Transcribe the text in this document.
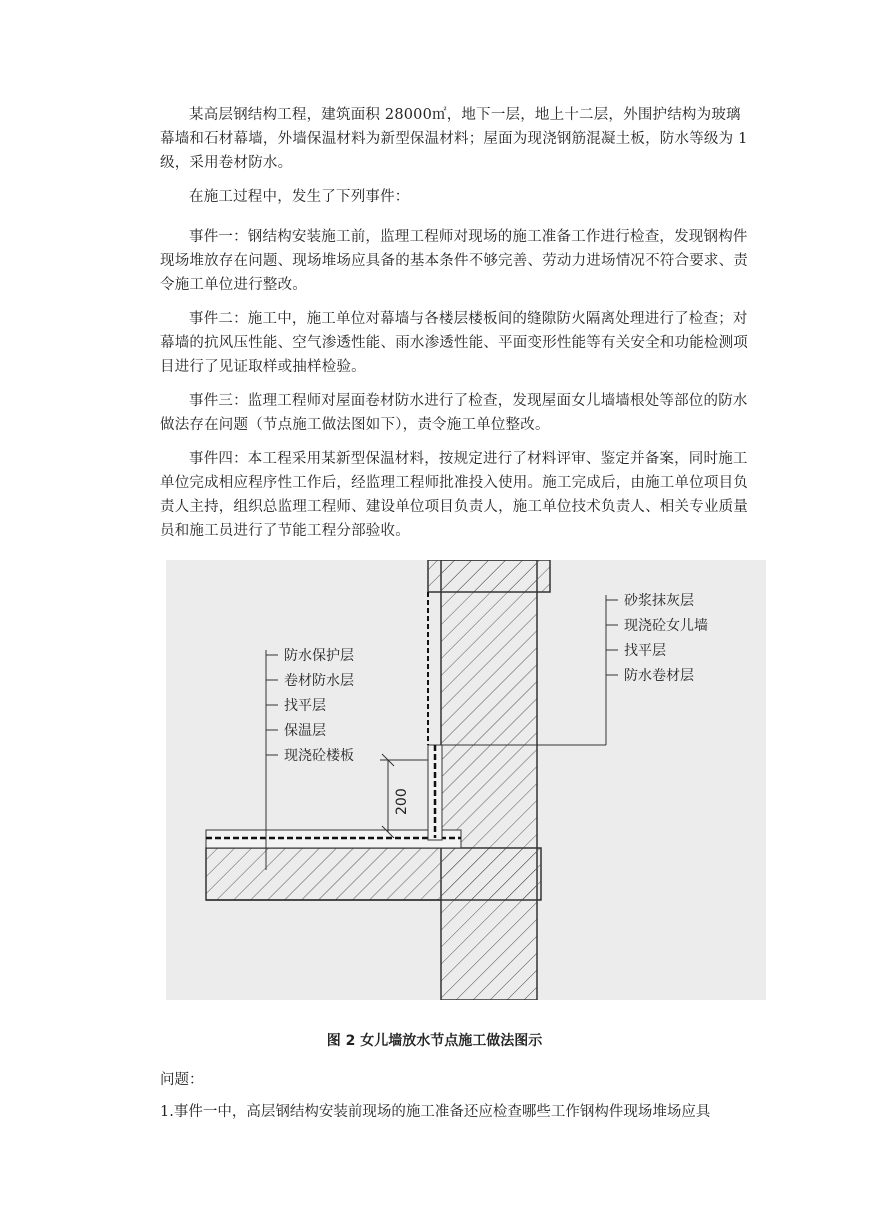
某高层钢结构工程，建筑面积 28000㎡，地下一层，地上十二层，外围护结构为玻璃幕墙和石材幕墙，外墙保温材料为新型保温材料；屋面为现浇钢筋混凝土板，防水等级为 1 级，采用卷材防水。

在施工过程中，发生了下列事件：

事件一：钢结构安装施工前，监理工程师对现场的施工准备工作进行检查，发现钢构件现场堆放存在问题、现场堆场应具备的基本条件不够完善、劳动力进场情况不符合要求、责令施工单位进行整改。

事件二：施工中，施工单位对幕墙与各楼层楼板间的缝隙防火隔离处理进行了检查；对幕墙的抗风压性能、空气渗透性能、雨水渗透性能、平面变形性能等有关安全和功能检测项目进行了见证取样或抽样检验。

事件三：监理工程师对屋面卷材防水进行了检查，发现屋面女儿墙墙根处等部位的防水做法存在问题（节点施工做法图如下），责令施工单位整改。

事件四：本工程采用某新型保温材料，按规定进行了材料评审、鉴定并备案，同时施工单位完成相应程序性工作后，经监理工程师批准投入使用。施工完成后，由施工单位项目负责人主持，组织总监理工程师、建设单位项目负责人，施工单位技术负责人、相关专业质量员和施工员进行了节能工程分部验收。

防水保护层
卷材防水层
找平层
保温层
现浇砼楼板
砂浆抹灰层
现浇砼女儿墙
找平层
防水卷材层
200

图 2 女儿墙放水节点施工做法图示

问题：

1.事件一中，高层钢结构安装前现场的施工准备还应检查哪些工作钢构件现场堆场应具
